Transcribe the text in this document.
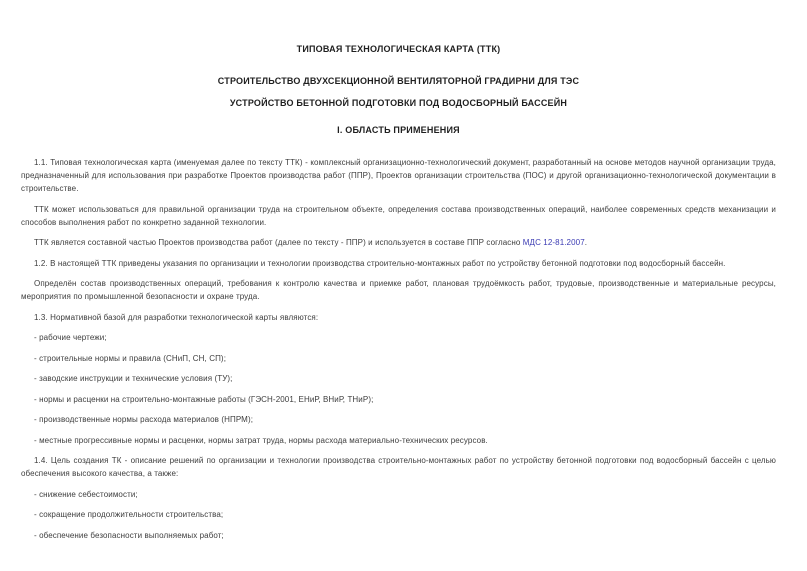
ТИПОВАЯ ТЕХНОЛОГИЧЕСКАЯ КАРТА (ТТК)

СТРОИТЕЛЬСТВО ДВУХСЕКЦИОННОЙ ВЕНТИЛЯТОРНОЙ ГРАДИРНИ ДЛЯ ТЭС

УСТРОЙСТВО БЕТОННОЙ ПОДГОТОВКИ ПОД ВОДОСБОРНЫЙ БАССЕЙН

I. ОБЛАСТЬ ПРИМЕНЕНИЯ

1.1. Типовая технологическая карта (именуемая далее по тексту ТТК) - комплексный организационно-технологический документ, разработанный на основе методов научной организации труда, предназначенный для использования при разработке Проектов производства работ (ППР), Проектов организации строительства (ПОС) и другой организационно-технологической документации в строительстве.

ТТК может использоваться для правильной организации труда на строительном объекте, определения состава производственных операций, наиболее современных средств механизации и способов выполнения работ по конкретно заданной технологии.

ТТК является составной частью Проектов производства работ (далее по тексту - ППР) и используется в составе ППР согласно МДС 12-81.2007.

1.2. В настоящей ТТК приведены указания по организации и технологии производства строительно-монтажных работ по устройству бетонной подготовки под водосборный бассейн.

Определён состав производственных операций, требования к контролю качества и приемке работ, плановая трудоёмкость работ, трудовые, производственные и материальные ресурсы, мероприятия по промышленной безопасности и охране труда.

1.3. Нормативной базой для разработки технологической карты являются:

- рабочие чертежи;

- строительные нормы и правила (СНиП, СН, СП);

- заводские инструкции и технические условия (ТУ);

- нормы и расценки на строительно-монтажные работы (ГЭСН-2001, ЕНиР, ВНиР, ТНиР);

- производственные нормы расхода материалов (НПРМ);

- местные прогрессивные нормы и расценки, нормы затрат труда, нормы расхода материально-технических ресурсов.

1.4. Цель создания ТК - описание решений по организации и технологии производства строительно-монтажных работ по устройству бетонной подготовки под водосборный бассейн с целью обеспечения высокого качества, а также:

- снижение себестоимости;

- сокращение продолжительности строительства;

- обеспечение безопасности выполняемых работ;
